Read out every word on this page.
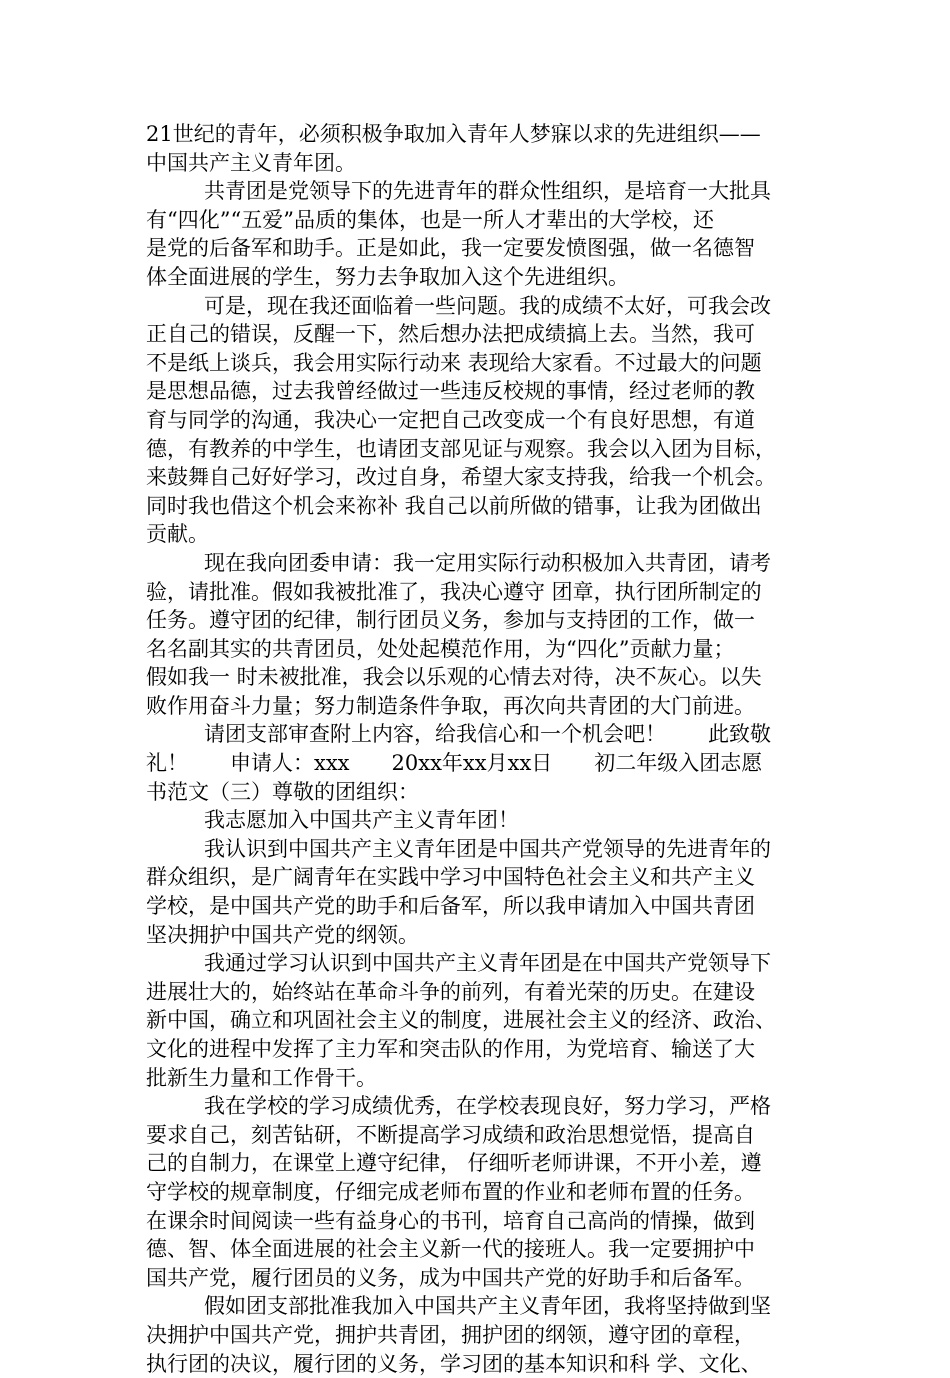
21世纪的青年，必须积极争取加入青年人梦寐以求的先进组织——
中国共产主义青年团。
共青团是党领导下的先进青年的群众性组织，是培育一大批具
有“四化”“五爱”品质的集体，也是一所人才辈出的大学校，还
是党的后备军和助手。正是如此，我一定要发愤图强，做一名德智
体全面进展的学生，努力去争取加入这个先进组织。
可是，现在我还面临着一些问题。我的成绩不太好，可我会改
正自己的错误，反醒一下，然后想办法把成绩搞上去。当然，我可
不是纸上谈兵，我会用实际行动来 表现给大家看。不过最大的问题
是思想品德，过去我曾经做过一些违反校规的事情，经过老师的教
育与同学的沟通，我决心一定把自己改变成一个有良好思想，有道
德，有教养的中学生，也请团支部见证与观察。我会以入团为目标，
来鼓舞自己好好学习，改过自身，希望大家支持我，给我一个机会。
同时我也借这个机会来祢补 我自己以前所做的错事，让我为团做出
贡献。
现在我向团委申请：我一定用实际行动积极加入共青团，请考
验，请批准。假如我被批准了，我决心遵守 团章，执行团所制定的
任务。遵守团的纪律，制行团员义务，参加与支持团的工作，做一
名名副其实的共青团员，处处起模范作用，为“四化”贡献力量；
假如我一 时未被批准，我会以乐观的心情去对待，决不灰心。以失
败作用奋斗力量；努力制造条件争取，再次向共青团的大门前进。
请团支部审查附上内容，给我信心和一个机会吧！　　此致敬
礼！　　申请人：xxx　　20xx年xx月xx日　　初二年级入团志愿
书范文（三）尊敬的团组织：
我志愿加入中国共产主义青年团！
我认识到中国共产主义青年团是中国共产党领导的先进青年的
群众组织，是广阔青年在实践中学习中国特色社会主义和共产主义
学校，是中国共产党的助手和后备军，所以我申请加入中国共青团
坚决拥护中国共产党的纲领。
我通过学习认识到中国共产主义青年团是在中国共产党领导下
进展壮大的，始终站在革命斗争的前列，有着光荣的历史。在建设
新中国，确立和巩固社会主义的制度，进展社会主义的经济、政治、
文化的进程中发挥了主力军和突击队的作用，为党培育、输送了大
批新生力量和工作骨干。
我在学校的学习成绩优秀，在学校表现良好，努力学习，严格
要求自己，刻苦钻研，不断提高学习成绩和政治思想觉悟，提高自
己的自制力，在课堂上遵守纪律， 仔细听老师讲课，不开小差，遵
守学校的规章制度，仔细完成老师布置的作业和老师布置的任务。
在课余时间阅读一些有益身心的书刊，培育自己高尚的情操，做到
德、智、体全面进展的社会主义新一代的接班人。我一定要拥护中
国共产党，履行团员的义务，成为中国共产党的好助手和后备军。
假如团支部批准我加入中国共产主义青年团，我将坚持做到坚
决拥护中国共产党，拥护共青团，拥护团的纲领，遵守团的章程，
执行团的决议，履行团的义务，学习团的基本知识和科 学、文化、
